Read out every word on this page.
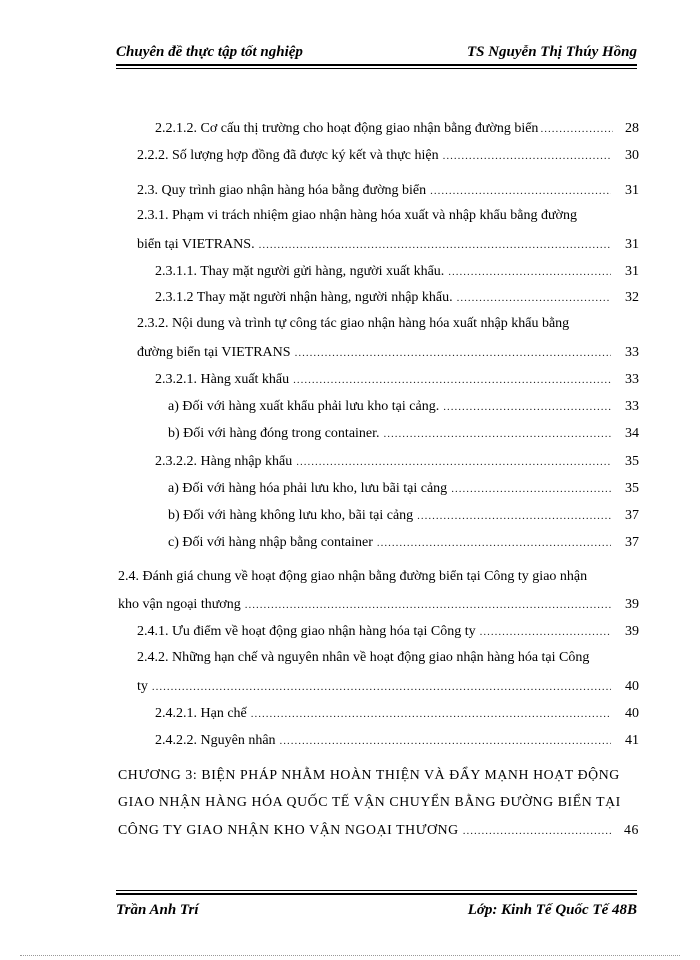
Chuyên đề thực tập tốt nghiệp	TS Nguyễn Thị Thúy Hồng
2.2.1.2. Cơ cấu thị trường cho hoạt động giao nhận bằng đường biển .....	28
2.2.2. Số lượng hợp đồng đã được ký kết và thực hiện .....	30
2.3. Quy trình giao nhận hàng hóa bằng đường biển .....	31
2.3.1. Phạm vi trách nhiệm giao nhận hàng hóa xuất và nhập khẩu bằng đường
biển tại VIETRANS. .....	31
2.3.1.1. Thay mặt người gửi hàng, người xuất khẩu. .....	31
2.3.1.2 Thay mặt người nhận hàng, người nhập khẩu. .....	32
2.3.2. Nội dung và trình tự công tác giao nhận hàng hóa xuất nhập khẩu bằng
đường biển tại VIETRANS .....	33
2.3.2.1. Hàng xuất khẩu .....	33
a) Đối với hàng xuất khẩu phải lưu kho tại cảng. .....	33
b) Đối với hàng đóng trong container. .....	34
2.3.2.2. Hàng nhập khẩu .....	35
a) Đối với hàng hóa phải lưu kho, lưu bãi tại cảng .....	35
b) Đối với hàng không lưu kho, bãi tại cảng .....	37
c) Đối với hàng nhập bằng container .....	37
2.4. Đánh giá chung về hoạt động giao nhận bằng đường biển tại Công ty giao nhận
kho vận ngoại thương .....	39
2.4.1. Ưu điểm về hoạt động giao nhận hàng hóa tại Công ty .....	39
2.4.2. Những hạn chế và nguyên nhân về hoạt động giao nhận hàng hóa tại Công
ty .....	40
2.4.2.1. Hạn chế .....	40
2.4.2.2. Nguyên nhân .....	41
CHƯƠNG 3: BIỆN PHÁP NHẰM HOÀN THIỆN VÀ ĐẨY MẠNH HOẠT ĐỘNG
GIAO NHẬN HÀNG HÓA QUỐC TẾ VẬN CHUYỂN BẰNG ĐƯỜNG BIỂN TẠI
CÔNG TY GIAO NHẬN KHO VẬN NGOẠI THƯƠNG .....	46
Trần Anh Trí	Lớp: Kinh Tế Quốc Tế 48B
